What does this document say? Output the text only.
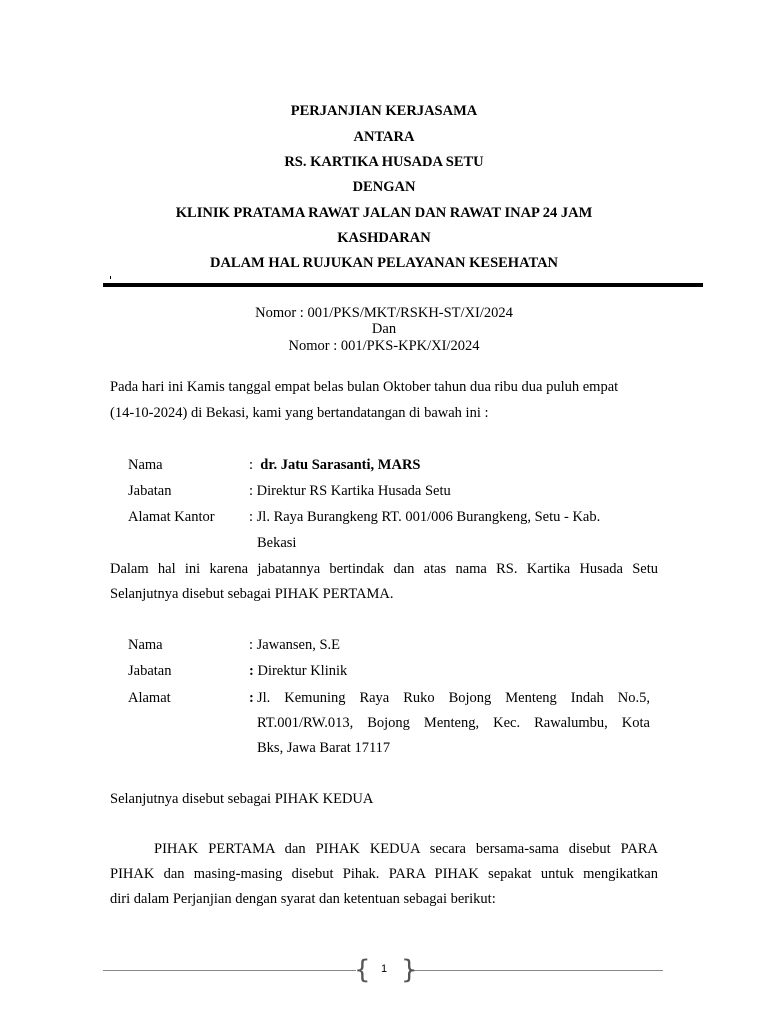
PERJANJIAN KERJASAMA
ANTARA
RS. KARTIKA HUSADA SETU
DENGAN
KLINIK PRATAMA RAWAT JALAN DAN RAWAT INAP 24 JAM
KASHDARAN
DALAM HAL RUJUKAN PELAYANAN KESEHATAN
Nomor : 001/PKS/MKT/RSKH-ST/XI/2024
Dan
Nomor : 001/PKS-KPK/XI/2024
Pada hari ini Kamis tanggal empat belas bulan Oktober tahun dua ribu dua puluh empat
(14-10-2024) di Bekasi, kami yang bertandatangan di bawah ini :
Nama	: dr. Jatu Sarasanti, MARS
Jabatan	: Direktur RS Kartika Husada Setu
Alamat Kantor : Jl. Raya Burangkeng RT. 001/006 Burangkeng, Setu - Kab.
Bekasi
Dalam hal ini karena jabatannya bertindak dan atas nama RS. Kartika Husada Setu
Selanjutnya disebut sebagai PIHAK PERTAMA.
Nama	: Jawansen, S.E
Jabatan	: Direktur Klinik
Alamat	: Jl. Kemuning Raya Ruko Bojong Menteng Indah No.5,
RT.001/RW.013, Bojong Menteng, Kec. Rawalumbu, Kota
Bks, Jawa Barat 17117
Selanjutnya disebut sebagai PIHAK KEDUA
PIHAK PERTAMA dan PIHAK KEDUA secara bersama-sama disebut PARA
PIHAK dan masing-masing disebut Pihak. PARA PIHAK sepakat untuk mengikatkan
diri dalam Perjanjian dengan syarat dan ketentuan sebagai berikut:
{ }
1
